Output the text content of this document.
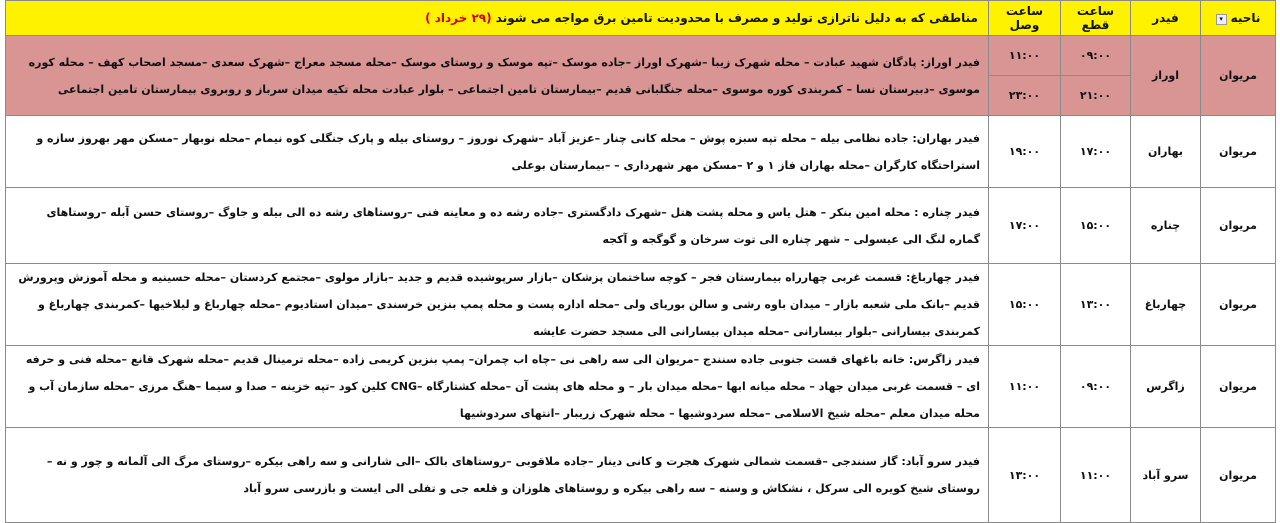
ناحیه▾	فیدر	ساعت قطع	ساعت وصل	مناطقی که به دلیل ناترازی تولید و مصرف با محدودیت تامین برق مواجه می شوند (۲۹ خرداد )
مریوان	اوراز	۰۹:۰۰	۱۱:۰۰	فیدر اوراز: پادگان شهید عبادت – محله شهرک زیبا –شهرک اوراز –جاده موسک –تپه موسک و روستای موسک –محله مسجد معراج –شهرک سعدی –مسجد اصحاب کهف – محله کوره موسوی –دبیرستان نسا – کمربندی کوره موسوی –محله جنگلبانی قدیم –بیمارستان تامین اجتماعی – بلوار عبادت محله تکیه میدان سرباز و روبروی بیمارستان تامین اجتماعی
		۲۱:۰۰	۲۳:۰۰	
مریوان	بهاران	۱۷:۰۰	۱۹:۰۰	فیدر بهاران: جاده نظامی بیله – محله تپه سبزه پوش – محله کانی چنار –عزیز آباد –شهرک نوروز – روستای بیله و پارک جنگلی کوه نیمام –محله نوبهار –مسکن مهر بهروز سازه و استراحتگاه کارگران –محله بهاران فاز ۱ و ۲ –مسکن مهر شهرداری – –بیمارستان بوعلی
مریوان	چناره	۱۵:۰۰	۱۷:۰۰	فیدر چناره : محله امین بنکر – هتل یاس و محله پشت هتل –شهرک دادگستری –جاده رشه ده و معاینه فنی –روستاهای رشه ده الی بیله و جاوگ –روستای حسن آبله –روستاهای گماره لنگ الی عیسولی – شهر چناره الی توت سرخان و گوگجه و آکجه
مریوان	چهارباغ	۱۳:۰۰	۱۵:۰۰	فیدر چهارباغ: قسمت غربی چهارراه بیمارستان فجر – کوچه ساختمان پزشکان –بازار سرپوشیده قدیم و جدید –بازار مولوی –مجتمع کردستان –محله حسینیه و محله آموزش وپرورش قدیم –بانک ملی شعبه بازار – میدان باوه رشی و سالن بوریای ولی –محله اداره پست و محله پمپ بنزین خرسندی –میدان استادیوم –محله چهارباغ و لیلاخیها –کمربندی چهارباغ و کمربندی بیسارانی –بلوار بیسارانی –محله میدان بیسارانی الی مسجد حضرت عایشه
مریوان	زاگرس	۰۹:۰۰	۱۱:۰۰	فیدر زاگرس: خانه باغهای قست جنوبی جاده سنندج –مریوان الی سه راهی نی –چاه اب چمران– پمپ بنزین کریمی زاده –محله ترمینال قدیم –محله شهرک قانع –محله فنی و حرفه ای – قسمت غربی میدان جهاد – محله میانه ابها –محله میدان بار – و محله های پشت آن –محله کشتارگاه –CNG کلین کود –تپه خزینه – صدا و سیما –هنگ مرزی –محله سازمان آب و محله میدان معلم –محله شیخ الاسلامی –محله سردوشیها – محله شهرک زریبار –انتهای سردوشیها
مریوان	سرو آباد	۱۱:۰۰	۱۳:۰۰	فیدر سرو آباد: گاز سنندجی –قسمت شمالی شهرک هجرت و کانی دینار –جاده ملاقوبی –روستاهای بالک –الی شارانی و سه راهی بیکره –روستای مرگ الی آلمانه و چور و نه – روستای شیخ کویره الی سرکل ، نشکاش و وسنه – سه راهی بیکره و روستاهای هلوزان و قلعه جی و تفلی الی ایست و بازرسی سرو آباد
